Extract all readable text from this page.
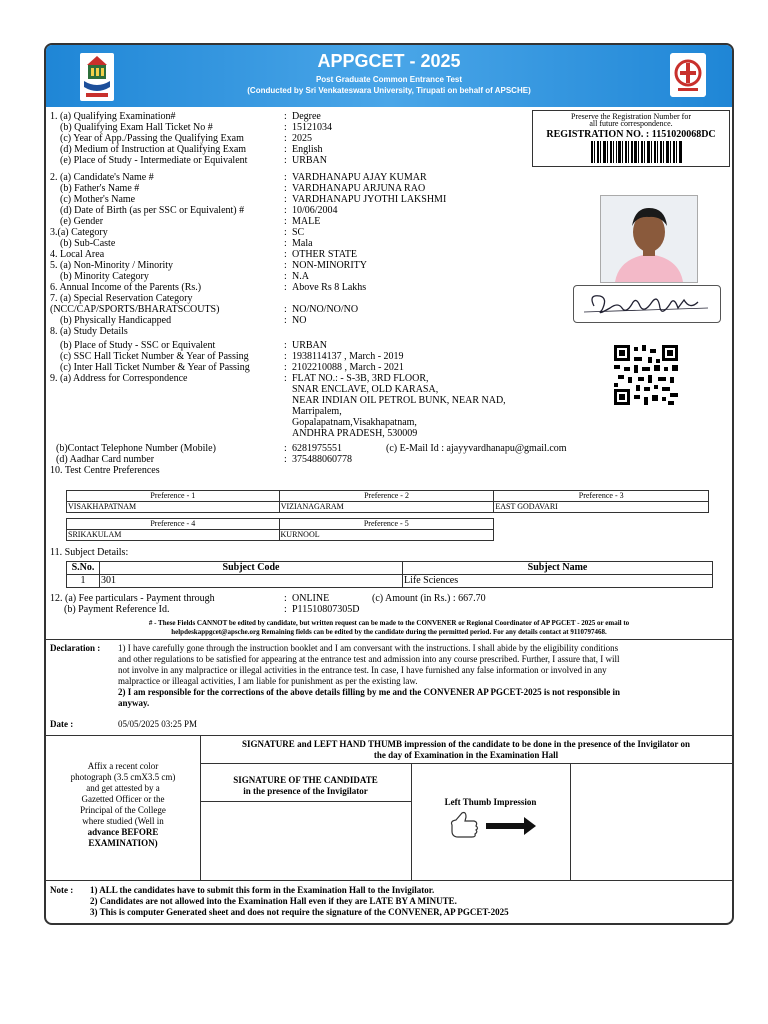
APPGCET - 2025
Post Graduate Common Entrance Test
(Conducted by Sri Venkateswara University, Tirupati on behalf of APSCHE)
Preserve the Registration Number for
all future correspondence.
REGISTRATION NO. : 1151020068DC
1. (a) Qualifying Examination#	: Degree
(b) Qualifying Exam Hall Ticket No #	: 15121034
(c) Year of App./Passing the Qualifying Exam	: 2025
(d) Medium of Instruction at Qualifying Exam	: English
(e) Place of Study - Intermediate or Equivalent	: URBAN
2. (a) Candidate's Name #	: VARDHANAPU AJAY KUMAR
(b) Father's Name #	: VARDHANAPU ARJUNA RAO
(c) Mother's Name	: VARDHANAPU JYOTHI LAKSHMI
(d) Date of Birth (as per SSC or Equivalent) #	: 10/06/2004
(e) Gender	: MALE
3.(a) Category	: SC
(b) Sub-Caste	: Mala
4. Local Area	: OTHER STATE
5. (a) Non-Minority / Minority	: NON-MINORITY
(b) Minority Category	: N.A
6. Annual Income of the Parents (Rs.)	: Above Rs 8 Lakhs
7. (a) Special Reservation Category
(NCC/CAP/SPORTS/BHARATSCOUTS)	: NO/NO/NO/NO
(b) Physically Handicapped	: NO
8. (a) Study Details
(b) Place of Study - SSC or Equivalent	: URBAN
(c) SSC Hall Ticket Number & Year of Passing	: 1938114137 , March - 2019
(c) Inter Hall Ticket Number & Year of Passing	: 2102210088 , March - 2021
9. (a) Address for Correspondence	: FLAT NO.: - S-3B, 3RD FLOOR,
SNAR ENCLAVE, OLD KARASA,
NEAR INDIAN OIL PETROL BUNK, NEAR NAD,
Marripalem,
Gopalapatnam,Visakhapatnam,
ANDHRA PRADESH, 530009
(b)Contact Telephone Number (Mobile)	: 6281975551	(c) E-Mail Id : ajayyvardhanapu@gmail.com
(d) Aadhar Card number	: 375488060778
10. Test Centre Preferences
Preference - 1	Preference - 2	Preference - 3
VISAKHAPATNAM	VIZIANAGARAM	EAST GODAVARI
Preference - 4	Preference - 5
SRIKAKULAM	KURNOOL
11. Subject Details:
S.No.	Subject Code	Subject Name
1	301	Life Sciences
12. (a) Fee particulars - Payment through	: ONLINE	(c) Amount (in Rs.) : 667.70
(b) Payment Reference Id.	: P11510807305D
# - These Fields CANNOT be edited by candidate, but written request can be made to the CONVENER or Regional Coordinator of AP PGCET - 2025 or email to
helpdeskappgcet@apsche.org Remaining fields can be edited by the candidate during the permitted period. For any details contact at 9110797468.
Declaration : 1) I have carefully gone through the instruction booklet and I am conversant with the instructions. I shall abide by the eligibility conditions
and other regulations to be satisfied for appearing at the entrance test and admission into any course prescribed. Further, I assure that, I will
not involve in any malpractice or illegal activities in the entrance test. In case, I have furnished any false information or involved in any
malpractice or illeagal activities, I am liable for punishment as per the existing law.
2) I am responsible for the corrections of the above details filling by me and the CONVENER AP PGCET-2025 is not responsible in
anyway.
Date :	05/05/2025 03:25 PM
Affix a recent color
photograph (3.5 cmX3.5 cm)
and get attested by a
Gazetted Officer or the
Principal of the College
where studied (Well in
advance BEFORE
EXAMINATION)
SIGNATURE and LEFT HAND THUMB impression of the candidate to be done in the presence of the Invigilator on
the day of Examination in the Examination Hall
SIGNATURE OF THE CANDIDATE
in the presence of the Invigilator
Left Thumb Impression
Note : 1) ALL the candidates have to submit this form in the Examination Hall to the Invigilator.
2) Candidates are not allowed into the Examination Hall even if they are LATE BY A MINUTE.
3) This is computer Generated sheet and does not require the signature of the CONVENER, AP PGCET-2025
